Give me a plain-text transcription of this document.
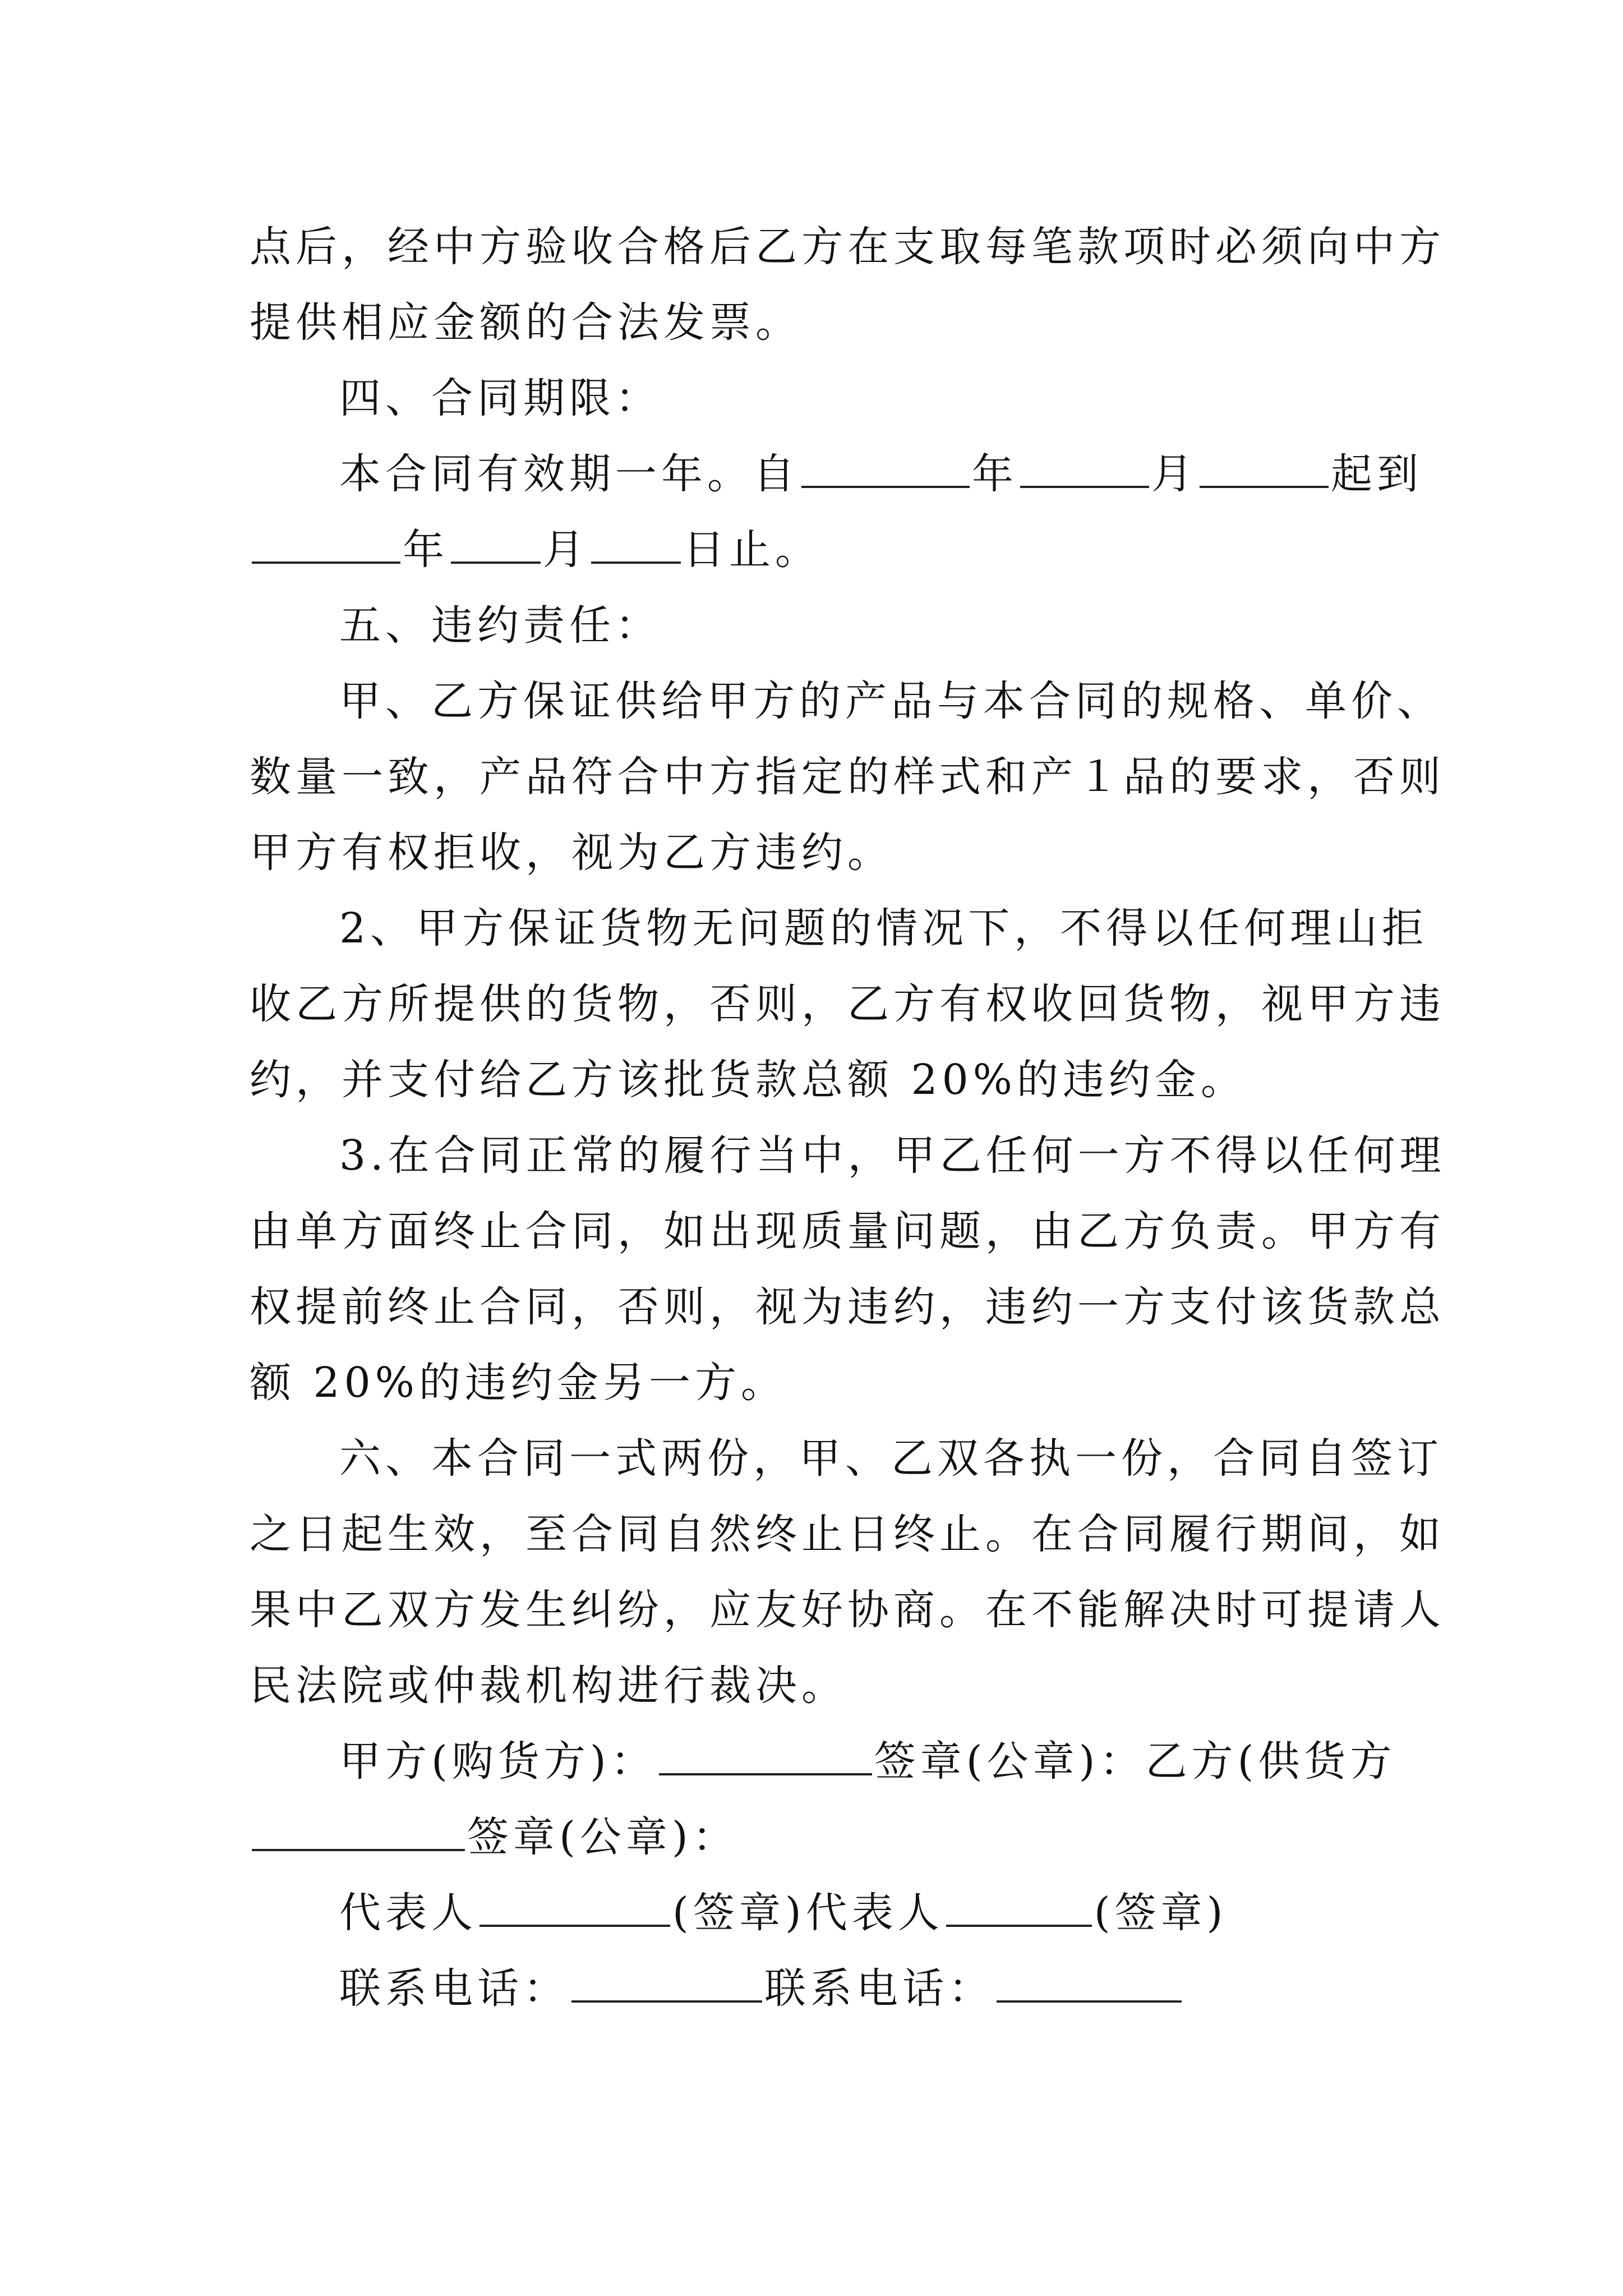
点后，经中方验收合格后乙方在支取每笔款项时必须向中方
提供相应金额的合法发票。
四、合同期限：
本合同有效期一年。自	年	月	起到
年 月 日止。
五、违约责任：
甲、乙方保证供给甲方的产品与本合同的规格、单价、
数量一致，产品符合中方指定的样式和产１品的要求，否则
甲方有权拒收，视为乙方违约。
2、甲方保证货物无问题的情况下，不得以任何理山拒
收乙方所提供的货物，否则，乙方有权收回货物，视甲方违
约，并支付给乙方该批货款总额 20%的违约金。
3.在合同正常的履行当中，甲乙任何一方不得以任何理
由单方面终止合同，如出现质量问题，由乙方负责。甲方有
权提前终止合同，否则，视为违约，违约一方支付该货款总
额 20%的违约金另一方。
六、本合同一式两份，甲、乙双各执一份，合同自签订
之日起生效，至合同自然终止日终止。在合同履行期间，如
果中乙双方发生纠纷，应友好协商。在不能解决时可提请人
民法院或仲裁机构进行裁决。
甲方(购货方)：	签章(公章)：乙方(供货方
签章(公章)：
代表人	(签章)代表人	(签章)
联系电话：	联系电话：
